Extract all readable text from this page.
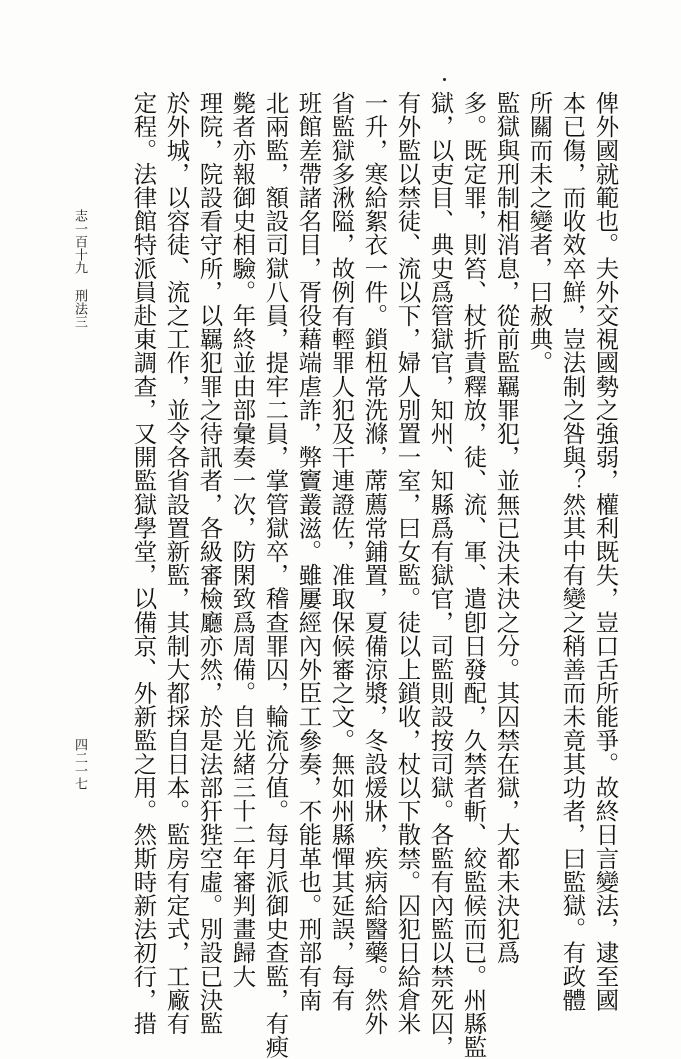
俾外國就範也。夫外交視國勢之強弱，權利既失，豈口舌所能爭。故終日言變法，逮至國
本已傷，而收效卒鮮，豈法制之咎與？然其中有變之稍善而未竟其功者，曰監獄。有政體
所關而未之變者，曰赦典。
監獄與刑制相消息，從前監羈罪犯，並無已決未決之分。其囚禁在獄，大都未決犯爲
多。既定罪，則笞、杖折責釋放，徒、流、軍、遣卽日發配，久禁者斬、絞監候而已。州縣監
獄，以吏目、典史爲管獄官，知州、知縣爲有獄官，司監則設按司獄。各監有內監以禁死囚，
有外監以禁徒、流以下，婦人別置一室，曰女監。徒以上鎖收，杖以下散禁。囚犯日給倉米
一升，寒給絮衣一件。鎖杻常洗滌，蓆薦常鋪置，夏備涼漿，冬設煖牀，疾病給醫藥。然外
省監獄多湫隘，故例有輕罪人犯及干連證佐，准取保候審之文。無如州縣憚其延誤，每有
班館差帶諸名目，胥役藉端虐詐，弊竇叢滋。雖屢經內外臣工參奏，不能革也。刑部有南
北兩監，額設司獄八員，提牢二員，掌管獄卒，稽查罪囚，輪流分值。每月派御史查監，有瘐
斃者亦報御史相驗。年終並由部彙奏一次，防閑致爲周備。自光緒三十二年審判畫歸大
理院，院設看守所，以羈犯罪之待訊者，各級審檢廳亦然，於是法部犴狴空虛。別設已決監
於外城，以容徒、流之工作，並令各省設置新監，其制大都採自日本。監房有定式，工廠有
定程。法律館特派員赴東調查，又開監獄學堂，以備京、外新監之用。然斯時新法初行，措
志一百十九 刑法三
四二一七
